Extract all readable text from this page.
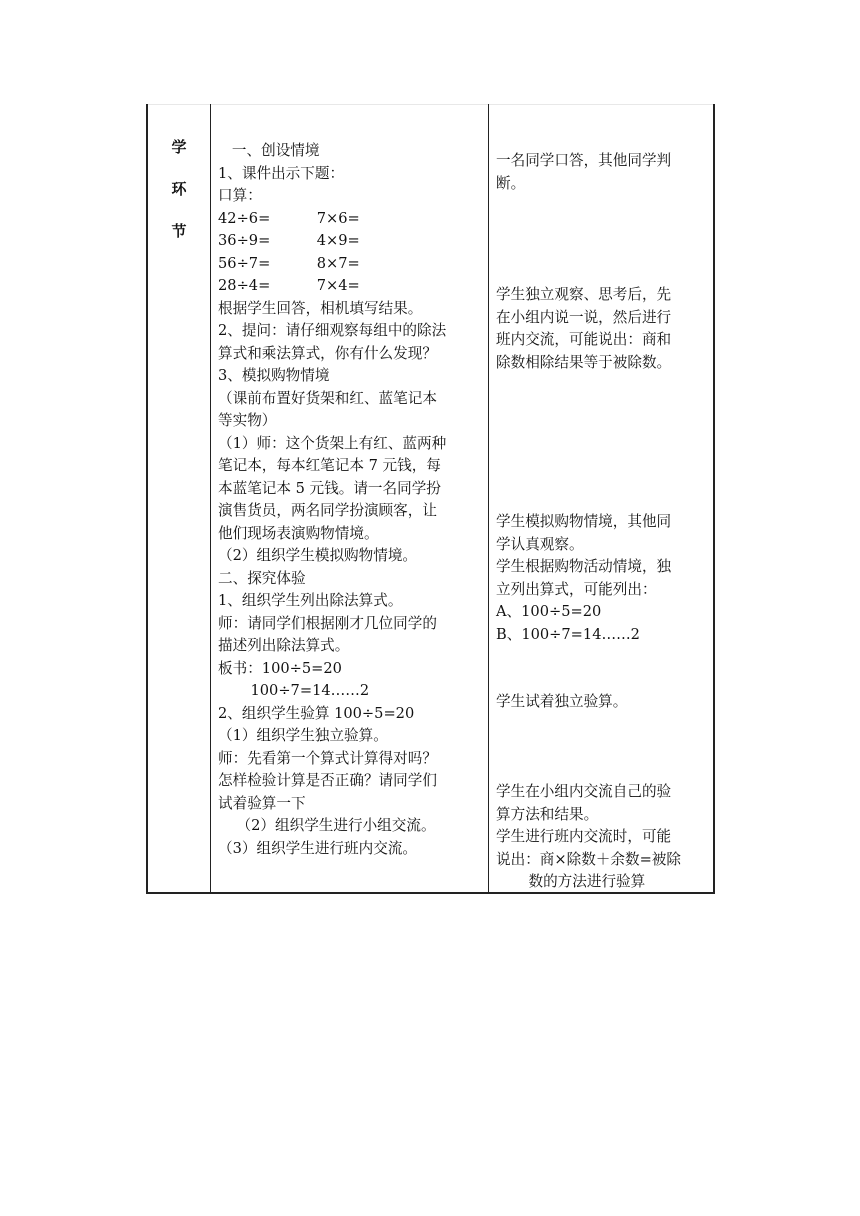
学
环
节
一、创设情境
1、课件出示下题：
口算：
42÷6=          7×6=
36÷9=          4×9=
56÷7=          8×7=
28÷4=          7×4=
根据学生回答，相机填写结果。
2、提问：请仔细观察每组中的除法
算式和乘法算式，你有什么发现？
3、模拟购物情境
（课前布置好货架和红、蓝笔记本
等实物）
（1）师：这个货架上有红、蓝两种
笔记本，每本红笔记本 7 元钱，每
本蓝笔记本 5 元钱。请一名同学扮
演售货员，两名同学扮演顾客，让
他们现场表演购物情境。
（2）组织学生模拟购物情境。
二、探究体验
1、组织学生列出除法算式。
师：请同学们根据刚才几位同学的
描述列出除法算式。
板书：100÷5=20
100÷7=14……2
2、组织学生验算 100÷5=20
（1）组织学生独立验算。
师：先看第一个算式计算得对吗？
怎样检验计算是否正确？请同学们
试着验算一下
（2）组织学生进行小组交流。
（3）组织学生进行班内交流。
一名同学口答，其他同学判
断。
学生独立观察、思考后，先
在小组内说一说，然后进行
班内交流，可能说出：商和
除数相除结果等于被除数。
学生模拟购物情境，其他同
学认真观察。
学生根据购物活动情境，独
立列出算式，可能列出：
A、100÷5=20
B、100÷7=14……2
学生试着独立验算。
学生在小组内交流自己的验
算方法和结果。
学生进行班内交流时，可能
说出：商×除数＋余数=被除
数的方法进行验算
